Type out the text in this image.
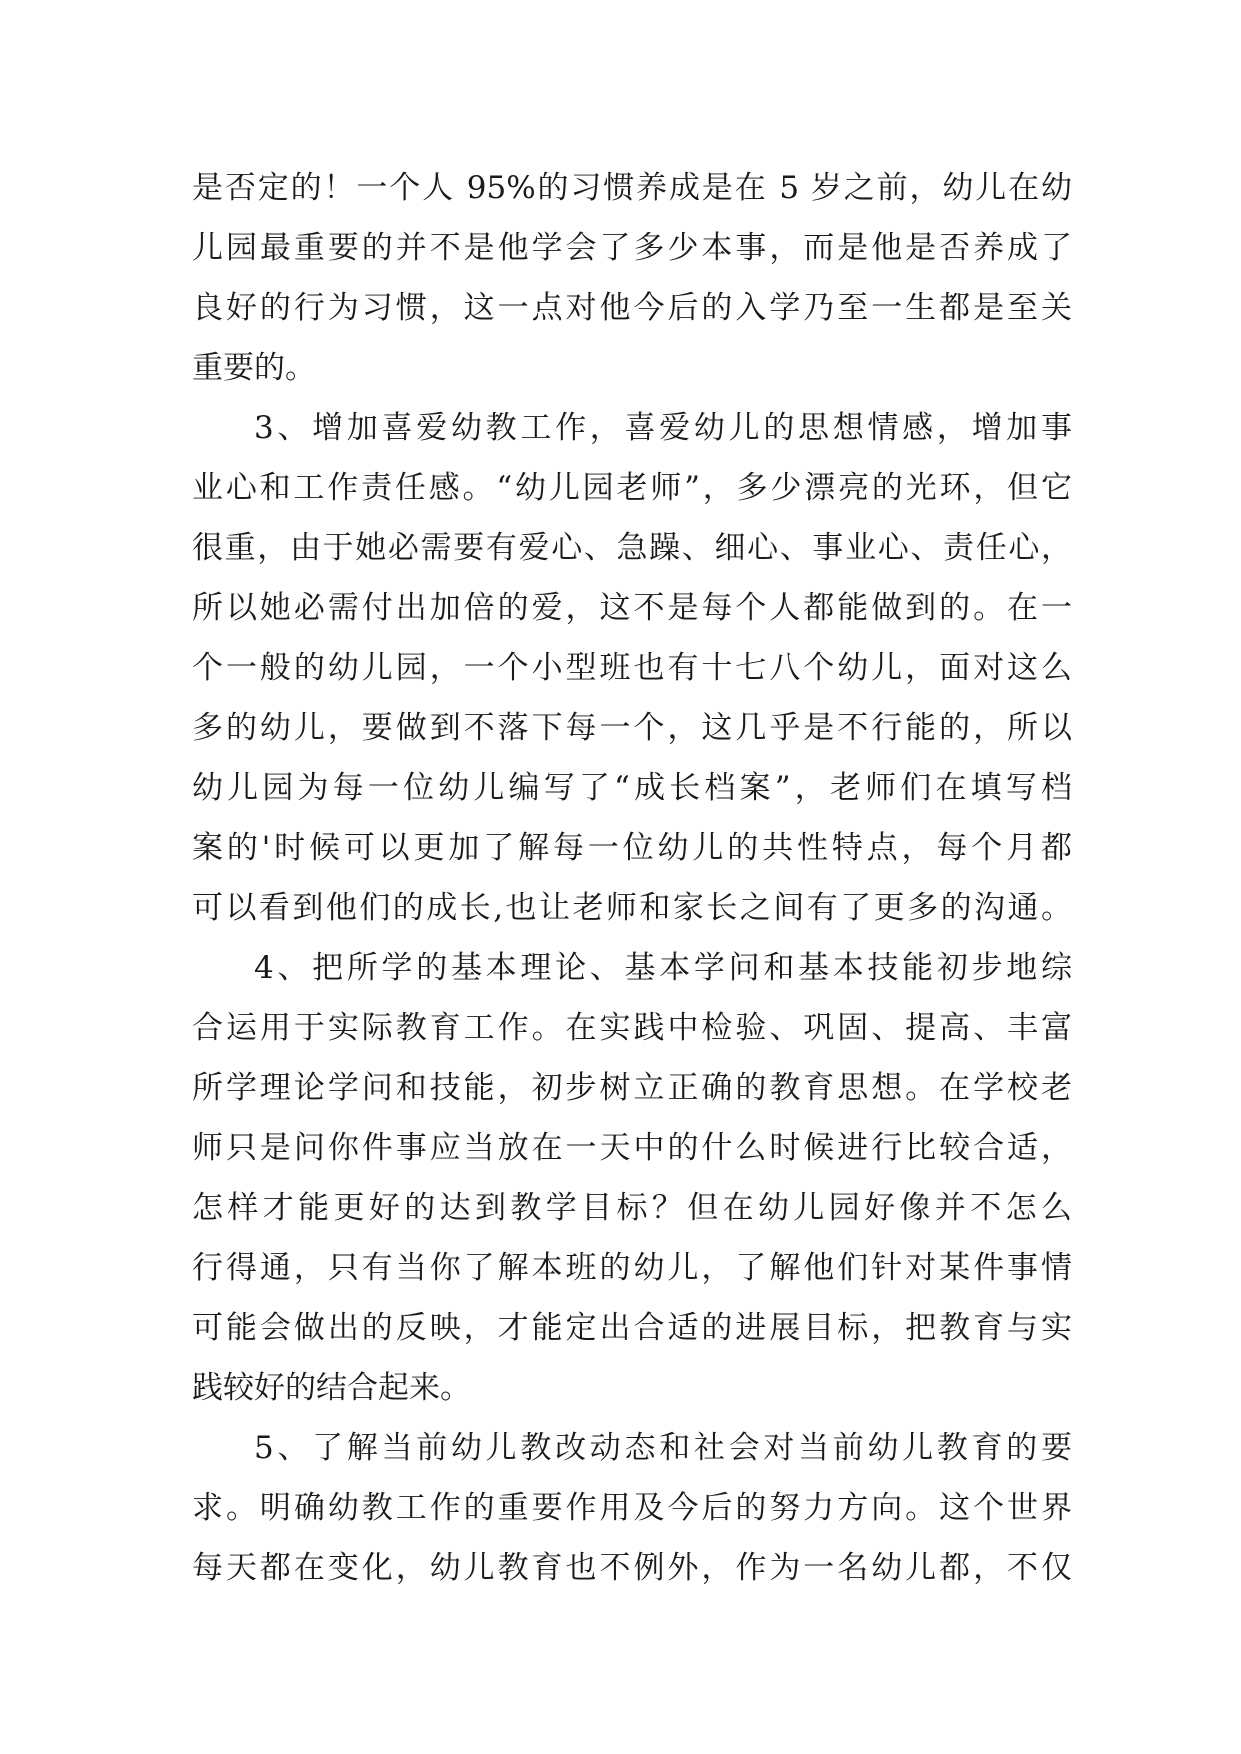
是否定的！一个人 95%的习惯养成是在 5 岁之前，幼儿在幼
儿园最重要的并不是他学会了多少本事，而是他是否养成了
良好的行为习惯，这一点对他今后的入学乃至一生都是至关
重要的。
3、增加喜爱幼教工作，喜爱幼儿的思想情感，增加事
业心和工作责任感。“幼儿园老师”，多少漂亮的光环，但它
很重，由于她必需要有爱心、急躁、细心、事业心、责任心，
所以她必需付出加倍的爱，这不是每个人都能做到的。在一
个一般的幼儿园，一个小型班也有十七八个幼儿，面对这么
多的幼儿，要做到不落下每一个，这几乎是不行能的，所以
幼儿园为每一位幼儿编写了“成长档案”，老师们在填写档
案的'时候可以更加了解每一位幼儿的共性特点，每个月都
可以看到他们的成长,也让老师和家长之间有了更多的沟通。
4、把所学的基本理论、基本学问和基本技能初步地综
合运用于实际教育工作。在实践中检验、巩固、提高、丰富
所学理论学问和技能，初步树立正确的教育思想。在学校老
师只是问你件事应当放在一天中的什么时候进行比较合适，
怎样才能更好的达到教学目标？但在幼儿园好像并不怎么
行得通，只有当你了解本班的幼儿，了解他们针对某件事情
可能会做出的反映，才能定出合适的进展目标，把教育与实
践较好的结合起来。
5、了解当前幼儿教改动态和社会对当前幼儿教育的要
求。明确幼教工作的重要作用及今后的努力方向。这个世界
每天都在变化，幼儿教育也不例外，作为一名幼儿都，不仅
